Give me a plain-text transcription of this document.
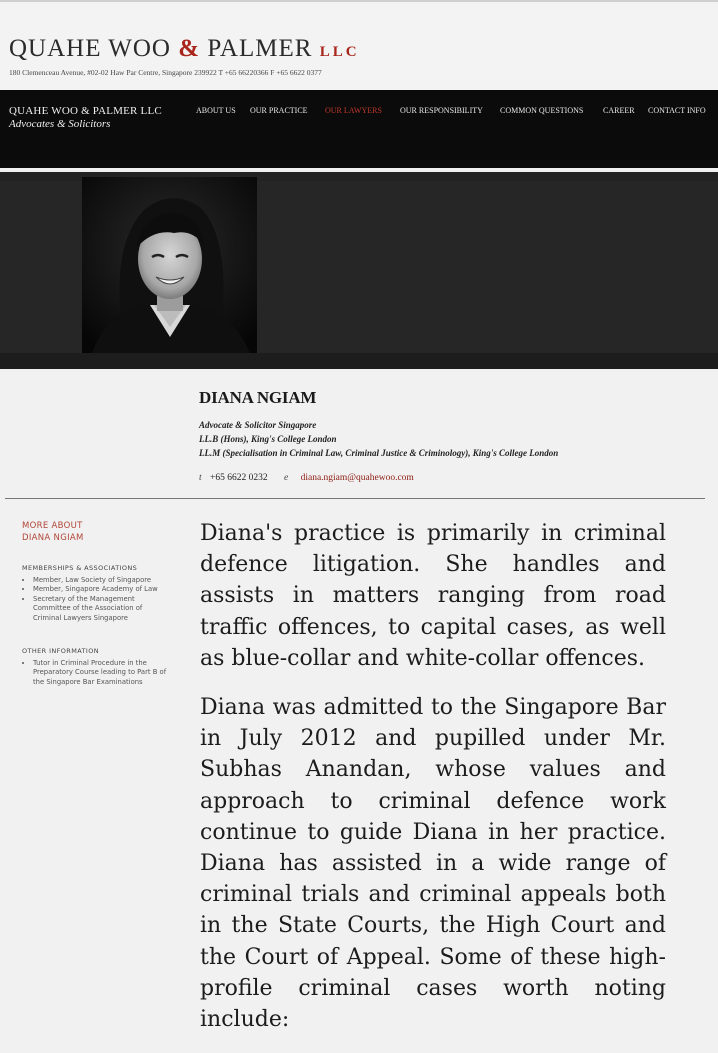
QUAHE WOO & PALMER LLC
180 Clemenceau Avenue, #02-02 Haw Par Centre, Singapore 239922 T +65 66220366 F +65 6622 0377
QUAHE WOO & PALMER LLC
Advocates & Solicitors
ABOUT US OUR PRACTICE OUR LAWYERS OUR RESPONSIBILITY COMMON QUESTIONS CAREER CONTACT INFO
DIANA NGIAM
Advocate & Solicitor Singapore
LL.B (Hons), King's College London
LL.M (Specialisation in Criminal Law, Criminal Justice & Criminology), King's College London
t +65 6622 0232 e diana.ngiam@quahewoo.com
MORE ABOUT
DIANA NGIAM
MEMBERSHIPS & ASSOCIATIONS
• Member, Law Society of Singapore
• Member, Singapore Academy of Law
• Secretary of the Management Committee of the Association of Criminal Lawyers Singapore
OTHER INFORMATION
• Tutor in Criminal Procedure in the Preparatory Course leading to Part B of the Singapore Bar Examinations

Diana's practice is primarily in criminal defence litigation. She handles and assists in matters ranging from road traffic offences, to capital cases, as well as blue-collar and white-collar offences.

Diana was admitted to the Singapore Bar in July 2012 and pupilled under Mr. Subhas Anandan, whose values and approach to criminal defence work continue to guide Diana in her practice. Diana has assisted in a wide range of criminal trials and criminal appeals both in the State Courts, the High Court and the Court of Appeal. Some of these high-profile criminal cases worth noting include:
